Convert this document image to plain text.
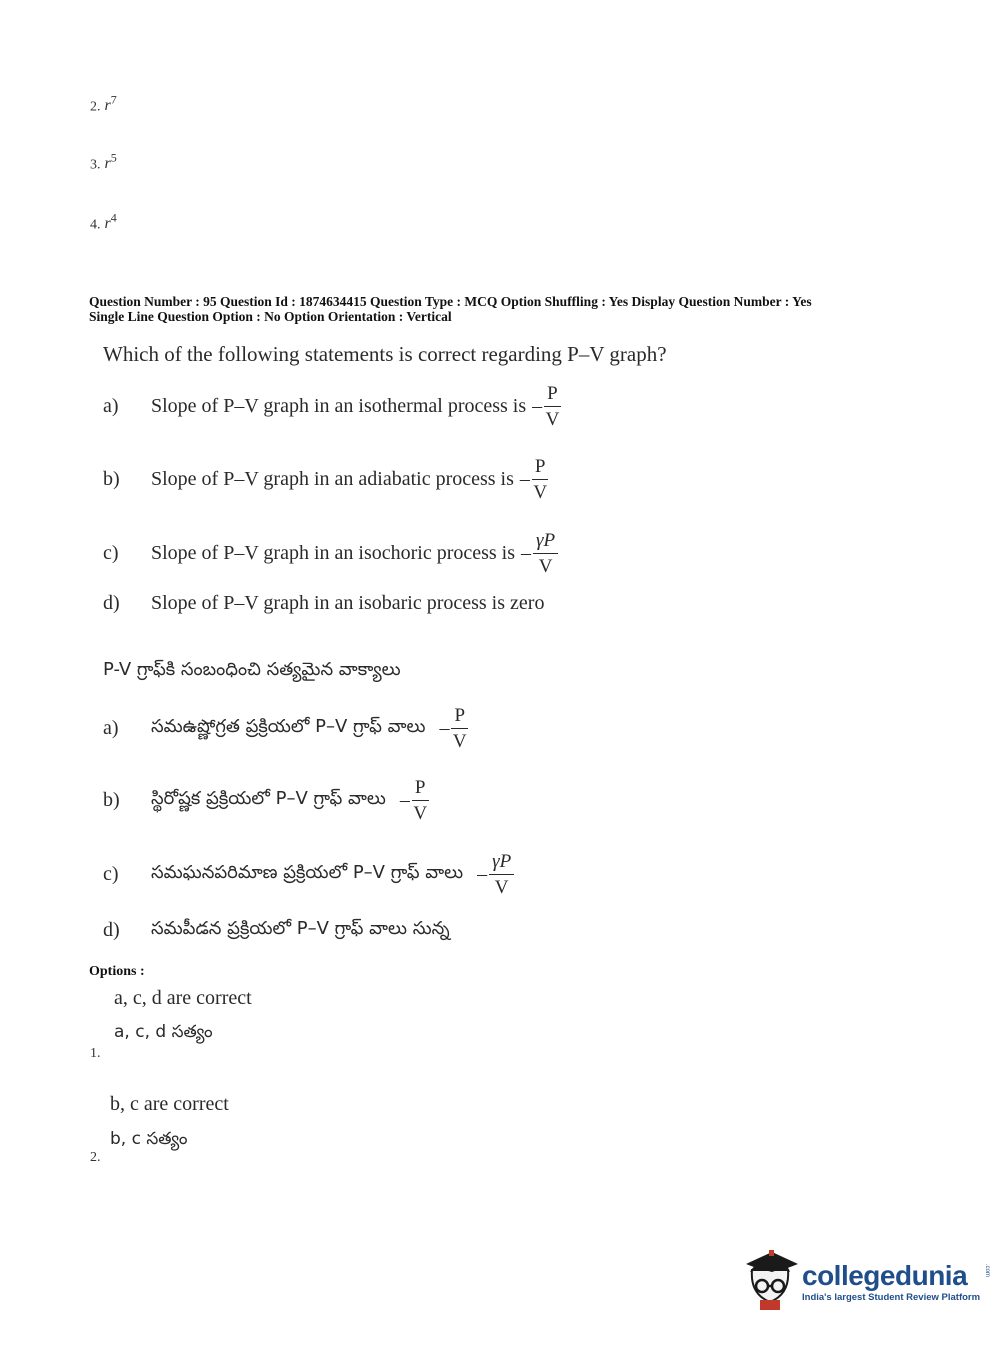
2. $r^7$
3. $r^5$
4. $r^4$
Question Number : 95 Question Id : 1874634415 Question Type : MCQ Option Shuffling : Yes Display Question Number : Yes
Single Line Question Option : No Option Orientation : Vertical
Which of the following statements is correct regarding P–V graph?
a)	Slope of P–V graph in an isothermal process is – $\frac{P}{V}$
b)	Slope of P–V graph in an adiabatic process is – $\frac{P}{V}$
c)	Slope of P–V graph in an isochoric process is – $\frac{\gamma P}{V}$
d)	Slope of P–V graph in an isobaric process is zero
P-V గ్రాఫ్‌కి సంబంధించి సత్యమైన వాక్యాలు
a)	సమఉష్ణోగ్రత ప్రక్రియలో P–V గ్రాఫ్ వాలు – $\frac{P}{V}$
b)	స్థిరోష్ణక ప్రక్రియలో P–V గ్రాఫ్ వాలు – $\frac{P}{V}$
c)	సమఘనపరిమాణ ప్రక్రియలో P–V గ్రాఫ్ వాలు – $\frac{\gamma P}{V}$
d)	సమపీడన ప్రక్రియలో P–V గ్రాఫ్ వాలు సున్న
Options :
a, c, d are correct
a, c, d సత్యం
1.
b, c are correct
b, c సత్యం
2.
collegedunia	.com
India's largest Student Review Platform
